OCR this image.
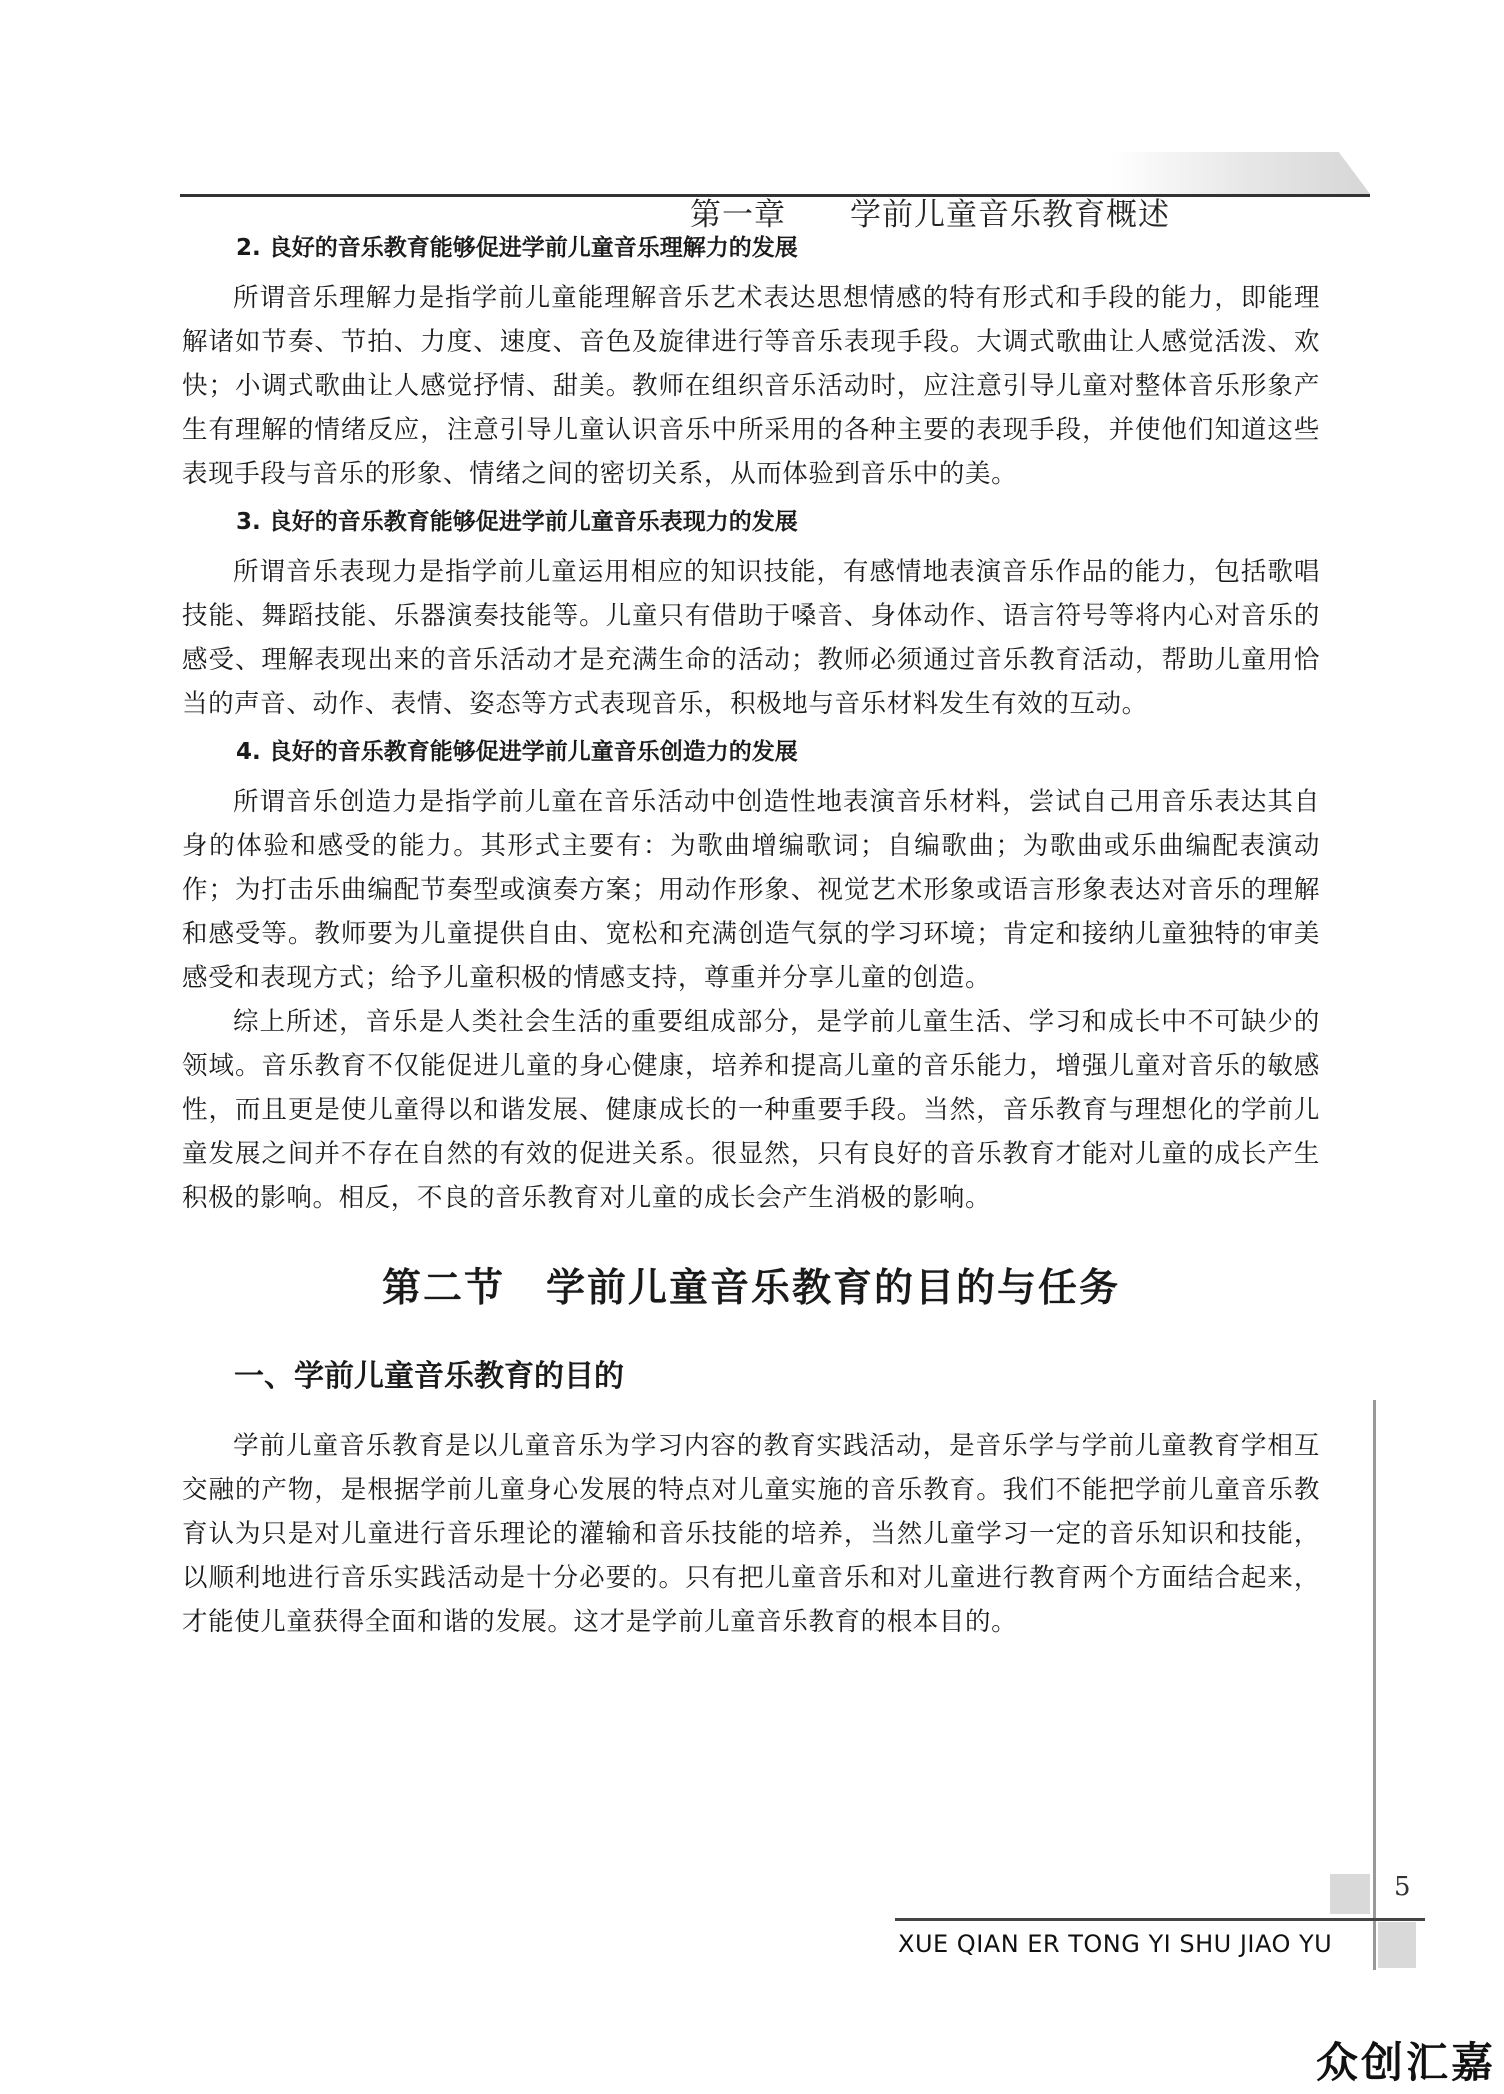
第一章　　 学前儿童音乐教育概述

2. 良好的音乐教育能够促进学前儿童音乐理解力的发展

所谓音乐理解力是指学前儿童能理解音乐艺术表达思想情感的特有形式和手段的能力，即能理解诸如节奏、节拍、力度、速度、音色及旋律进行等音乐表现手段。大调式歌曲让人感觉活泼、欢快；小调式歌曲让人感觉抒情、甜美。教师在组织音乐活动时，应注意引导儿童对整体音乐形象产生有理解的情绪反应，注意引导儿童认识音乐中所采用的各种主要的表现手段，并使他们知道这些表现手段与音乐的形象、情绪之间的密切关系，从而体验到音乐中的美。

3. 良好的音乐教育能够促进学前儿童音乐表现力的发展

所谓音乐表现力是指学前儿童运用相应的知识技能，有感情地表演音乐作品的能力，包括歌唱技能、舞蹈技能、乐器演奏技能等。儿童只有借助于嗓音、身体动作、语言符号等将内心对音乐的感受、理解表现出来的音乐活动才是充满生命的活动；教师必须通过音乐教育活动，帮助儿童用恰当的声音、动作、表情、姿态等方式表现音乐，积极地与音乐材料发生有效的互动。

4. 良好的音乐教育能够促进学前儿童音乐创造力的发展

所谓音乐创造力是指学前儿童在音乐活动中创造性地表演音乐材料，尝试自己用音乐表达其自身的体验和感受的能力。其形式主要有：为歌曲增编歌词；自编歌曲；为歌曲或乐曲编配表演动作；为打击乐曲编配节奏型或演奏方案；用动作形象、视觉艺术形象或语言形象表达对音乐的理解和感受等。教师要为儿童提供自由、宽松和充满创造气氛的学习环境；肯定和接纳儿童独特的审美感受和表现方式；给予儿童积极的情感支持，尊重并分享儿童的创造。

综上所述，音乐是人类社会生活的重要组成部分，是学前儿童生活、学习和成长中不可缺少的领域。音乐教育不仅能促进儿童的身心健康，培养和提高儿童的音乐能力，增强儿童对音乐的敏感性，而且更是使儿童得以和谐发展、健康成长的一种重要手段。当然，音乐教育与理想化的学前儿童发展之间并不存在自然的有效的促进关系。很显然，只有良好的音乐教育才能对儿童的成长产生积极的影响。相反，不良的音乐教育对儿童的成长会产生消极的影响。

第二节　学前儿童音乐教育的目的与任务
一、学前儿童音乐教育的目的

学前儿童音乐教育是以儿童音乐为学习内容的教育实践活动，是音乐学与学前儿童教育学相互交融的产物，是根据学前儿童身心发展的特点对儿童实施的音乐教育。我们不能把学前儿童音乐教育认为只是对儿童进行音乐理论的灌输和音乐技能的培养，当然儿童学习一定的音乐知识和技能，以顺利地进行音乐实践活动是十分必要的。只有把儿童音乐和对儿童进行教育两个方面结合起来，才能使儿童获得全面和谐的发展。这才是学前儿童音乐教育的根本目的。

5
XUE QIAN ER TONG YI SHU JIAO YU
众创汇嘉
